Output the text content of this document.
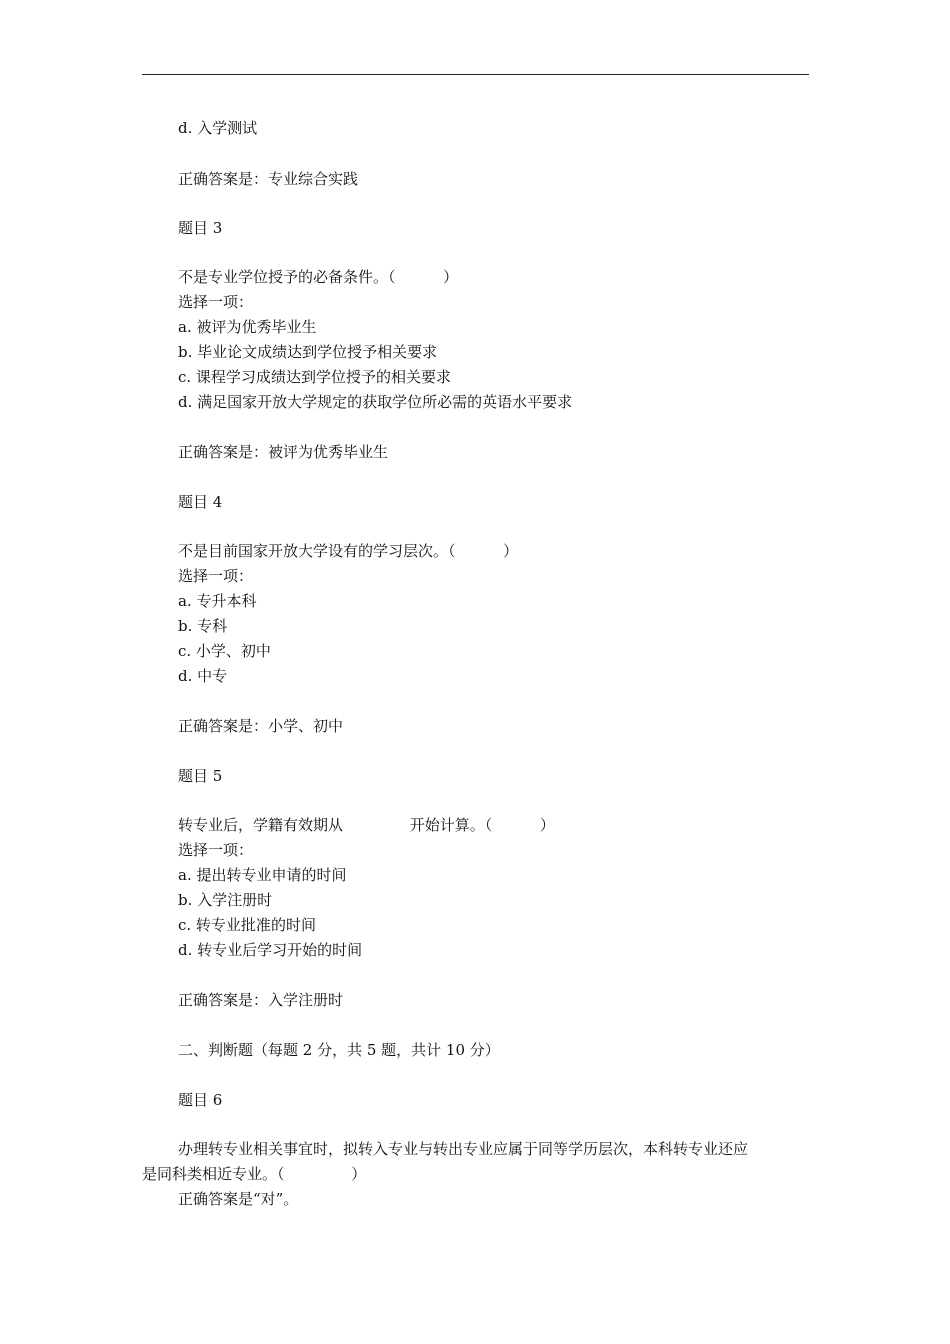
d. 入学测试
正确答案是：专业综合实践
题目 3
不是专业学位授予的必备条件。（          ）
选择一项：
a. 被评为优秀毕业生
b. 毕业论文成绩达到学位授予相关要求
c. 课程学习成绩达到学位授予的相关要求
d. 满足国家开放大学规定的获取学位所必需的英语水平要求
正确答案是：被评为优秀毕业生
题目 4
不是目前国家开放大学设有的学习层次。（          ）
选择一项：
a. 专升本科
b. 专科
c. 小学、初中
d. 中专
正确答案是：小学、初中
题目 5
转专业后，学籍有效期从              开始计算。（          ）
选择一项：
a. 提出转专业申请的时间
b. 入学注册时
c. 转专业批准的时间
d. 转专业后学习开始的时间
正确答案是：入学注册时
二、判断题（每题 2 分，共 5 题，共计 10 分）
题目 6
办理转专业相关事宜时，拟转入专业与转出专业应属于同等学历层次，本科转专业还应
是同科类相近专业。（              ）
正确答案是“对”。
